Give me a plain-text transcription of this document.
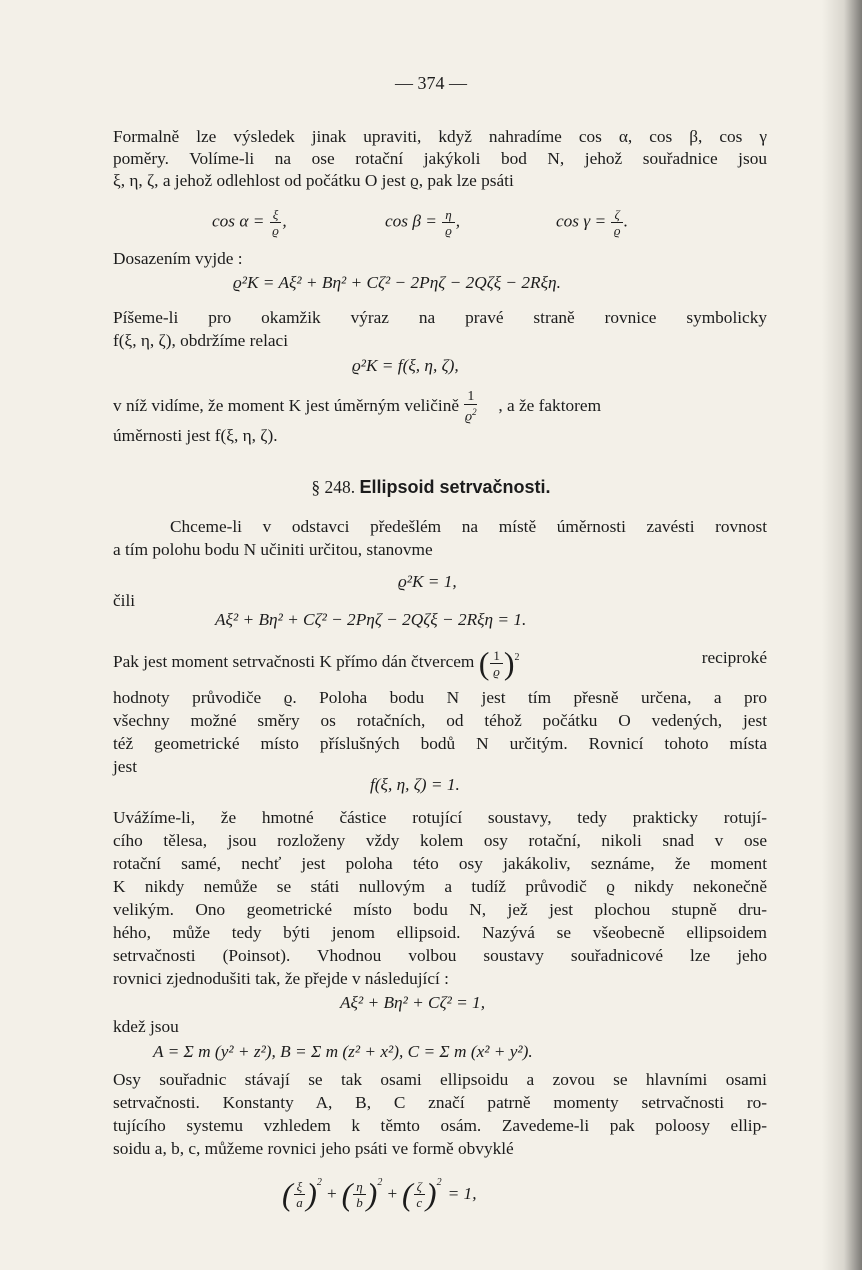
— 374 —
Formalně lze výsledek jinak upraviti, když nahradíme cos α, cos β, cos γ
poměry. Volíme-li na ose rotační jakýkoli bod N, jehož souřadnice jsou
ξ, η, ζ, a jehož odlehlost od počátku O jest ϱ, pak lze psáti
$\cos \alpha = \frac{\xi}{ϱ}$ ,	$\cos \beta = \frac{\eta}{ϱ}$ ,	$\cos \gamma = \frac{\zeta}{ϱ}$ .
Dosazením vyjde :
ϱ²K = Aξ² + Bη² + Cζ² − 2Pηζ − 2Qζξ − 2Rξη.
Píšeme-li pro okamžik výraz na pravé straně rovnice symbolicky
f(ξ, η, ζ), obdržíme relaci
ϱ²K = f(ξ, η, ζ),
v níž vidíme, že moment K jest úměrným veličině $\frac{1}{ϱ^2}$ , a že faktorem
úměrnosti jest f(ξ, η, ζ).
§ 248. Ellipsoid setrvačnosti.
Chceme-li v odstavci předešlém na místě úměrnosti zavésti rovnost
a tím polohu bodu N učiniti určitou, stanovme
ϱ²K = 1,
čili
Aξ² + Bη² + Cζ² − 2Pηζ − 2Qζξ − 2Rξη = 1.
Pak jest moment setrvačnosti K přímo dán čtvercem ( $\frac{1}{ϱ} )^2$	reciproké
hodnoty průvodiče ϱ. Poloha bodu N jest tím přesně určena, a pro
všechny možné směry os rotačních, od téhož počátku O vedených, jest
též geometrické místo příslušných bodů N určitým. Rovnicí tohoto místa
jest
f(ξ, η, ζ) = 1.
Uvážíme-li, že hmotné částice rotující soustavy, tedy prakticky rotují-
cího tělesa, jsou rozloženy vždy kolem osy rotační, nikoli snad v ose
rotační samé, nechť jest poloha této osy jakákoliv, seznáme, že moment
K nikdy nemůže se státi nullovým a tudíž průvodič ϱ nikdy nekonečně
velikým. Ono geometrické místo bodu N, jež jest plochou stupně dru-
hého, může tedy býti jenom ellipsoid. Nazývá se všeobecně ellipsoidem
setrvačnosti (Poinsot). Vhodnou volbou soustavy souřadnicové lze jeho
rovnici zjednodušiti tak, že přejde v následující :
Aξ² + Bη² + Cζ² = 1,
kdež jsou
A = Σ m (y² + z²), B = Σ m (z² + x²), C = Σ m (x² + y²).
Osy souřadnic stávají se tak osami ellipsoidu a zovou se hlavními osami
setrvačnosti. Konstanty A, B, C značí patrně momenty setrvačnosti ro-
tujícího systemu vzhledem k těmto osám. Zavedeme-li pak poloosy ellip-
soidu a, b, c, můžeme rovnici jeho psáti ve formě obvyklé
( $\frac{\xi}{a} )^2$
+ ( $\frac{\eta}{b} )^2$
+ ( $\frac{\zeta}{c} )^2$
= 1,
